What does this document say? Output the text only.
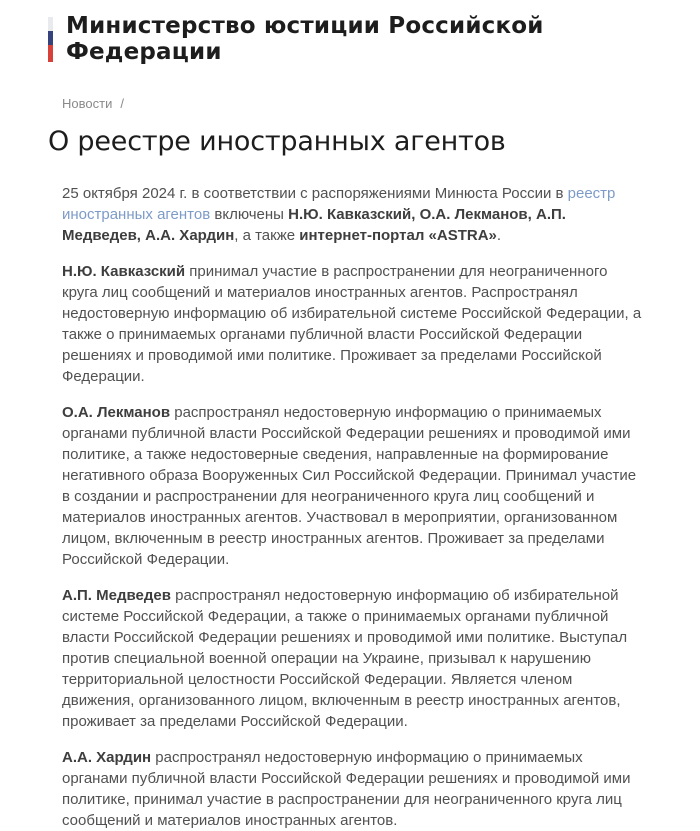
Министерство юстиции Российской Федерации
Новости /
О реестре иностранных агентов

25 октября 2024 г. в соответствии с распоряжениями Минюста России в реестр иностранных агентов включены Н.Ю. Кавказский, О.А. Лекманов, А.П. Медведев, А.А. Хардин, а также интернет-портал «ASTRA».

Н.Ю. Кавказский принимал участие в распространении для неограниченного круга лиц сообщений и материалов иностранных агентов. Распространял недостоверную информацию об избирательной системе Российской Федерации, а также о принимаемых органами публичной власти Российской Федерации решениях и проводимой ими политике. Проживает за пределами Российской Федерации.

О.А. Лекманов распространял недостоверную информацию о принимаемых органами публичной власти Российской Федерации решениях и проводимой ими политике, а также недостоверные сведения, направленные на формирование негативного образа Вооруженных Сил Российской Федерации. Принимал участие в создании и распространении для неограниченного круга лиц сообщений и материалов иностранных агентов. Участвовал в мероприятии, организованном лицом, включенным в реестр иностранных агентов. Проживает за пределами Российской Федерации.

А.П. Медведев распространял недостоверную информацию об избирательной системе Российской Федерации, а также о принимаемых органами публичной власти Российской Федерации решениях и проводимой ими политике. Выступал против специальной военной операции на Украине, призывал к нарушению территориальной целостности Российской Федерации. Является членом движения, организованного лицом, включенным в реестр иностранных агентов, проживает за пределами Российской Федерации.

А.А. Хардин распространял недостоверную информацию о принимаемых органами публичной власти Российской Федерации решениях и проводимой ими политике, принимал участие в распространении для неограниченного круга лиц сообщений и материалов иностранных агентов.
